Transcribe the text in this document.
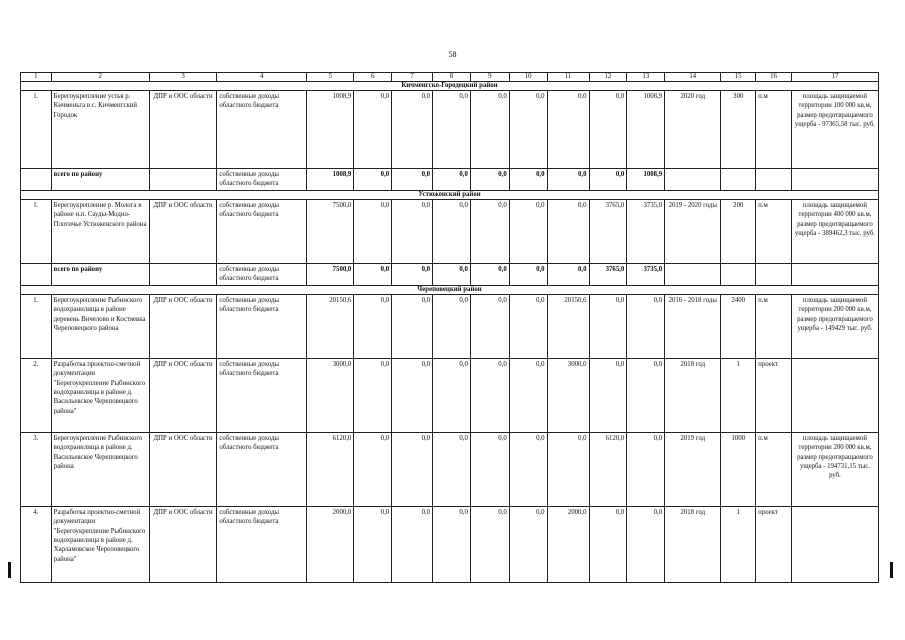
58
1	2	3	4	5	6	7	8	9	10	11	12	13	14	15	16	17
Кичменгско-Городецкий район																
1.	Берегоукрепление устья р. Кичменьга в с. Кичменгский Городок	ДПР и ООС области	собственные доходы областного бюджета	1008,9	0,0	0,0	0,0	0,0	0,0	0,0	0,0	1008,9	2020 год	300	п.м	площадь защищаемой территории 100 000 кв.м, размер предотвращаемого ущерба - 97365,58 тыс. руб.
	всего по району		собственные доходы областного бюджета	1008,9	0,0	0,0	0,0	0,0	0,0	0,0	0,0	1008,9				
Устюженский район																
1.	Берегоукрепление р. Молога в районе н.п. Сауды-Модно-Плотичье Устюженского района	ДПР и ООС области	собственные доходы областного бюджета	7500,0	0,0	0,0	0,0	0,0	0,0	0,0	3765,0	3735,0	2019 - 2020 годы	200	п.м	площадь защищаемой территории 400 000 кв.м, размер предотвращаемого ущерба - 389462,3 тыс. руб.
	всего по району		собственные доходы областного бюджета	7500,0	0,0	0,0	0,0	0,0	0,0	0,0	3765,0	3735,0				
Череповецкий район																
1.	Берегоукрепление Рыбинского водохранилища в районе деревень Вичелово и Костяевка Череповецкого района	ДПР и ООС области	собственные доходы областного бюджета	20150,6	0,0	0,0	0,0	0,0	0,0	20150,6	0,0	0,0	2016 - 2018 годы	2400	п.м	площадь защищаемой территории 200 000 кв.м, размер предотвращаемого ущерба - 149429 тыс. руб.
2.	Разработка проектно-сметной документации "Берегоукрепление Рыбинского водохранилища в районе д. Васильевское Череповецкого района"	ДПР и ООС области	собственные доходы областного бюджета	3000,0	0,0	0,0	0,0	0,0	0,0	3000,0	0,0	0,0	2018 год	1	проект	
3.	Берегоукрепление Рыбинского водохранилища в районе д. Васильевское Череповецкого района	ДПР и ООС области	собственные доходы областного бюджета	6120,0	0,0	0,0	0,0	0,0	0,0	0,0	6120,0	0,0	2019 год	1000	п.м	площадь защищаемой территории 200 000 кв.м, размер предотвращаемого ущерба - 194731,15 тыс. руб.
4.	Разработка проектно-сметной документации "Берегоукрепление Рыбинского водохранилища в районе д. Харламовское Череповецкого района"	ДПР и ООС области	собственные доходы областного бюджета	2000,0	0,0	0,0	0,0	0,0	0,0	2000,0	0,0	0,0	2018 год	1	проект	
